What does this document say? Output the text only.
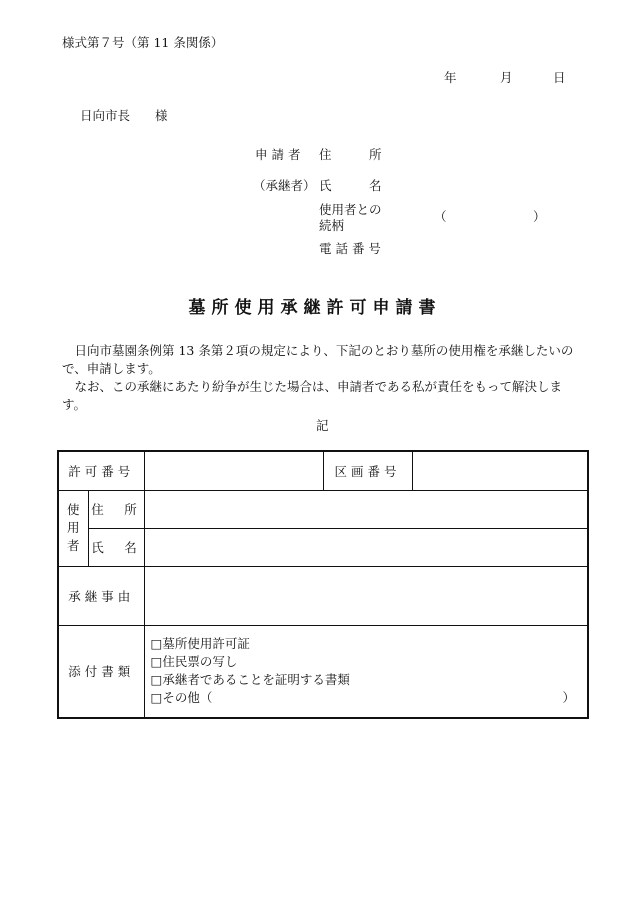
様式第７号（第 11 条関係）
年	月	日
日向市長　　様
申 請 者 住　　　所
（承継者） 氏　　　名
使用者との
続柄
（	）
電 話 番 号
墓所使用承継許可申請書

　日向市墓園条例第 13 条第２項の規定により、下記のとおり墓所の使用権を承継したいので、申請します。

　なお、この承継にあたり紛争が生じた場合は、申請者である私が責任をもって解決します。

記
許可番号			区画番号	

使
用
者	住　所			
	氏　名			
承継事由				
添付書類		□墓所使用許可証
□住民票の写し
□承継者であることを証明する書類
□その他（ ）		
